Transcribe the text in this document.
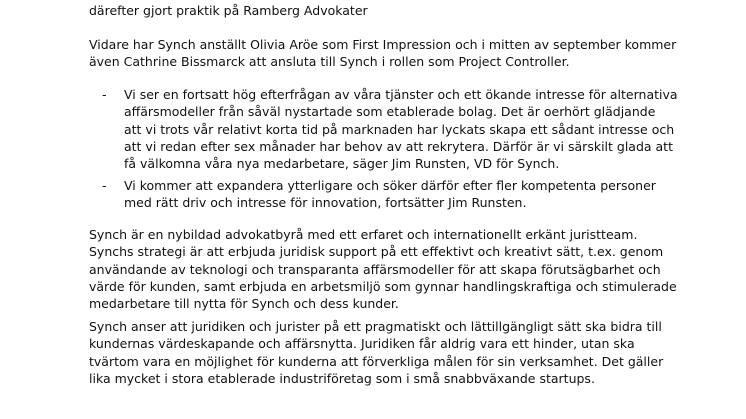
därefter gjort praktik på Ramberg Advokater
Vidare har Synch anställt Olivia Aröe som First Impression och i mitten av september kommer
även Cathrine Bissmarck att ansluta till Synch i rollen som Project Controller.
- Vi ser en fortsatt hög efterfrågan av våra tjänster och ett ökande intresse för alternativa
affärsmodeller från såväl nystartade som etablerade bolag. Det är oerhört glädjande
att vi trots vår relativt korta tid på marknaden har lyckats skapa ett sådant intresse och
att vi redan efter sex månader har behov av att rekrytera. Därför är vi särskilt glada att
få välkomna våra nya medarbetare, säger Jim Runsten, VD för Synch.
- Vi kommer att expandera ytterligare och söker därför efter fler kompetenta personer
med rätt driv och intresse för innovation, fortsätter Jim Runsten.
Synch är en nybildad advokatbyrå med ett erfaret och internationellt erkänt juristteam.
Synchs strategi är att erbjuda juridisk support på ett effektivt och kreativt sätt, t.ex. genom
användande av teknologi och transparanta affärsmodeller för att skapa förutsägbarhet och
värde för kunden, samt erbjuda en arbetsmiljö som gynnar handlingskraftiga och stimulerade
medarbetare till nytta för Synch och dess kunder.
Synch anser att juridiken och jurister på ett pragmatiskt och lättillgängligt sätt ska bidra till
kundernas värdeskapande och affärsnytta. Juridiken får aldrig vara ett hinder, utan ska
tvärtom vara en möjlighet för kunderna att förverkliga målen för sin verksamhet. Det gäller
lika mycket i stora etablerade industriföretag som i små snabbväxande startups.
